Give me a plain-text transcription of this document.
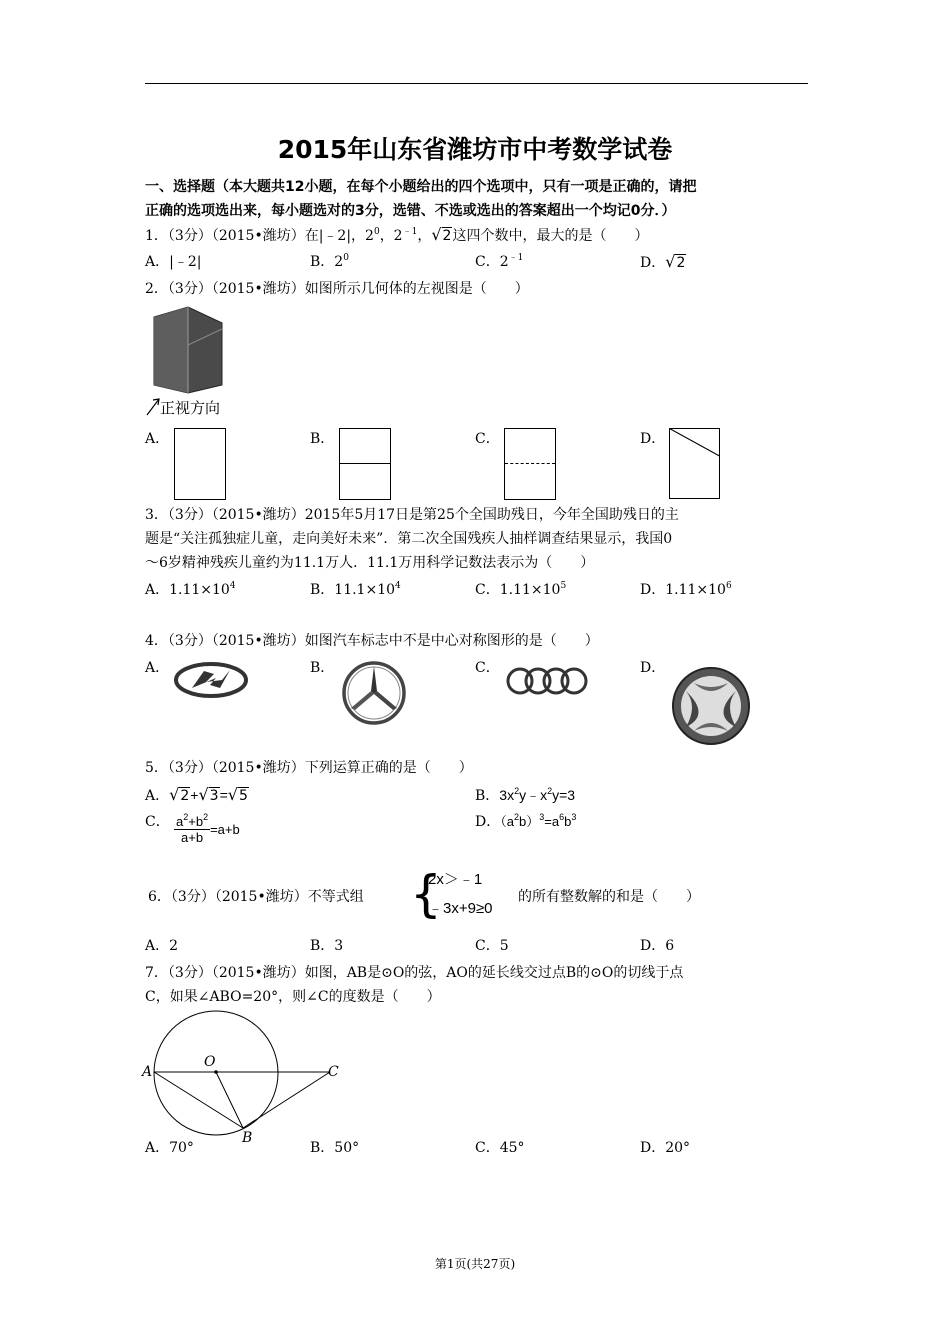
2015年山东省潍坊市中考数学试卷
一、选择题（本大题共12小题，在每个小题给出的四个选项中，只有一项是正确的，请把
正确的选项选出来，每小题选对的3分，选错、不选或选出的答案超出一个均记0分．）
1．（3分）（2015•潍坊）在|﹣2|，$2^0$，$2^{﹣1}$，√2这四个数中，最大的是（　　）
A．|﹣2|	B．$2^0$	C．$2^{﹣1}$	D．√2
2．（3分）（2015•潍坊）如图所示几何体的左视图是（　　）
正视方向
A．	B．	C．	D．
3．（3分）（2015•潍坊）2015年5月17日是第25个全国助残日，今年全国助残日的主
题是“关注孤独症儿童，走向美好未来”．第二次全国残疾人抽样调查结果显示，我国0
～6岁精神残疾儿童约为11.1万人．11.1万用科学记数法表示为（　　）
A．$1.11\times 10^4$	B．$11.1\times 10^4$	C．$1.11\times 10^5$	D．$1.11\times 10^6$
4．（3分）（2015•潍坊）如图汽车标志中不是中心对称图形的是（　　）
A．	B．	C．	D．
5．（3分）（2015•潍坊）下列运算正确的是（　　）
A．√2+√3=√5	B．$3x^2y﹣x^2y=3$
C． $\frac{a^2+b^2}{a+b} =a+b$	D．$(a^2b)^3=a^6b^3$
6．（3分）（2015•潍坊）不等式组 {
2x＞﹣1
﹣3x+9≥0
的所有整数解的和是（　　）
A．2	B．3	C．5	D．6
7．（3分）（2015•潍坊）如图，AB是⊙O的弦，AO的延长线交过点B的⊙O的切线于点
C，如果∠ABO=20°，则∠C的度数是（　　）
A
O
B
C
A．70°	B．50°	C．45°	D．20°
第1页(共27页)
